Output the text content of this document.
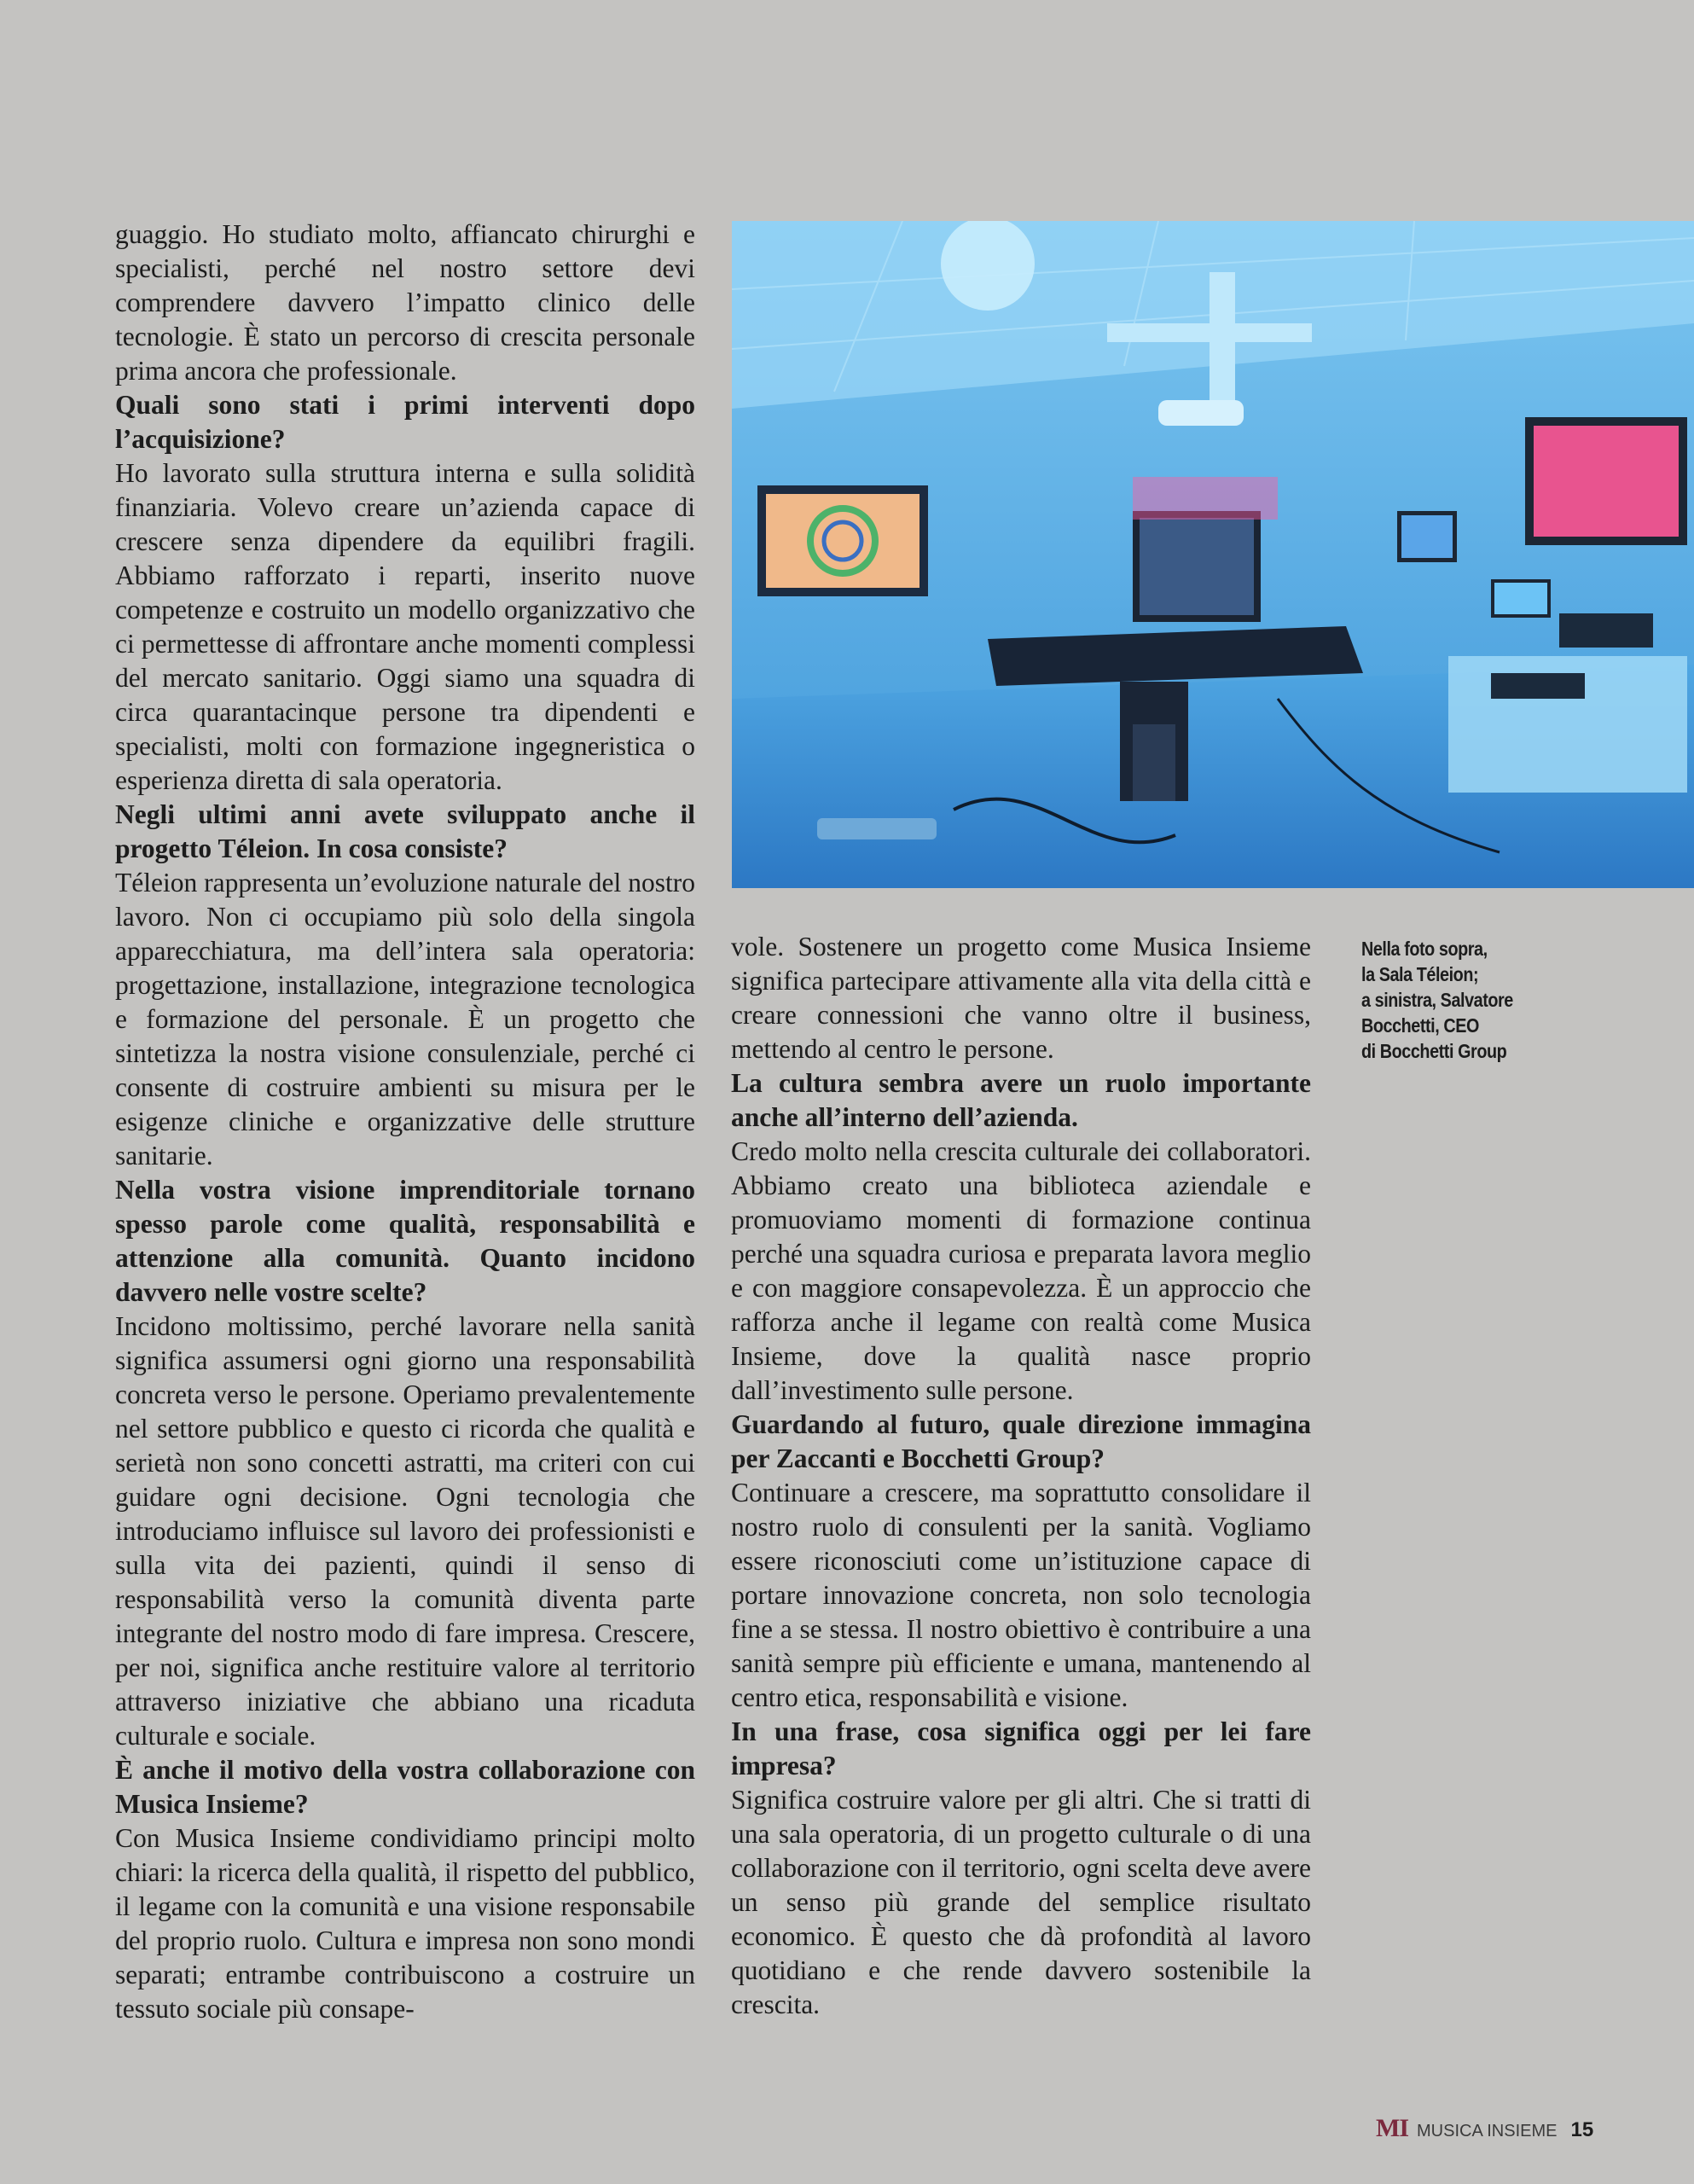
guaggio. Ho studiato molto, affiancato chirurghi e specialisti, perché nel nostro settore devi comprendere davvero l’impatto clinico delle tecnologie. È stato un percorso di crescita personale prima ancora che professionale.

Quali sono stati i primi interventi dopo l’acquisizione?

Ho lavorato sulla struttura interna e sulla solidità finanziaria. Volevo creare un’azienda capace di crescere senza dipendere da equilibri fragili. Abbiamo rafforzato i reparti, inserito nuove competenze e costruito un modello organizzativo che ci permettesse di affrontare anche momenti complessi del mercato sanitario. Oggi siamo una squadra di circa quarantacinque persone tra dipendenti e specialisti, molti con formazione ingegneristica o esperienza diretta di sala operatoria.

Negli ultimi anni avete sviluppato anche il progetto Téleion. In cosa consiste?

Téleion rappresenta un’evoluzione naturale del nostro lavoro. Non ci occupiamo più solo della singola apparecchiatura, ma dell’intera sala operatoria: progettazione, installazione, integrazione tecnologica e formazione del personale. È un progetto che sintetizza la nostra visione consulenziale, perché ci consente di costruire ambienti su misura per le esigenze cliniche e organizzative delle strutture sanitarie.

Nella vostra visione imprenditoriale tornano spesso parole come qualità, responsabilità e attenzione alla comunità. Quanto incidono davvero nelle vostre scelte?

Incidono moltissimo, perché lavorare nella sanità significa assumersi ogni giorno una responsabilità concreta verso le persone. Operiamo prevalentemente nel settore pubblico e questo ci ricorda che qualità e serietà non sono concetti astratti, ma criteri con cui guidare ogni decisione. Ogni tecnologia che introduciamo influisce sul lavoro dei professionisti e sulla vita dei pazienti, quindi il senso di responsabilità verso la comunità diventa parte integrante del nostro modo di fare impresa. Crescere, per noi, significa anche restituire valore al territorio attraverso iniziative che abbiano una ricaduta culturale e sociale.

È anche il motivo della vostra collaborazione con Musica Insieme?

Con Musica Insieme condividiamo principi molto chiari: la ricerca della qualità, il rispetto del pubblico, il legame con la comunità e una visione responsabile del proprio ruolo. Cultura e impresa non sono mondi separati; entrambe contribuiscono a costruire un tessuto sociale più consape-

vole. Sostenere un progetto come Musica Insieme significa partecipare attivamente alla vita della città e creare connessioni che vanno oltre il business, mettendo al centro le persone.

La cultura sembra avere un ruolo importante anche all’interno dell’azienda.

Credo molto nella crescita culturale dei collaboratori. Abbiamo creato una biblioteca aziendale e promuoviamo momenti di formazione continua perché una squadra curiosa e preparata lavora meglio e con maggiore consapevolezza. È un approccio che rafforza anche il legame con realtà come Musica Insieme, dove la qualità nasce proprio dall’investimento sulle persone.

Guardando al futuro, quale direzione immagina per Zaccanti e Bocchetti Group?

Continuare a crescere, ma soprattutto consolidare il nostro ruolo di consulenti per la sanità. Vogliamo essere riconosciuti come un’istituzione capace di portare innovazione concreta, non solo tecnologia fine a se stessa. Il nostro obiettivo è contribuire a una sanità sempre più efficiente e umana, mantenendo al centro etica, responsabilità e visione.

In una frase, cosa significa oggi per lei fare impresa?

Significa costruire valore per gli altri. Che si tratti di una sala operatoria, di un progetto culturale o di una collaborazione con il territorio, ogni scelta deve avere un senso più grande del semplice risultato economico. È questo che dà profondità al lavoro quotidiano e che rende davvero sostenibile la crescita.

Nella foto sopra,

la Sala Téleion;

a sinistra, Salvatore

Bocchetti, CEO

di Bocchetti Group

MI MUSICA INSIEME 15
